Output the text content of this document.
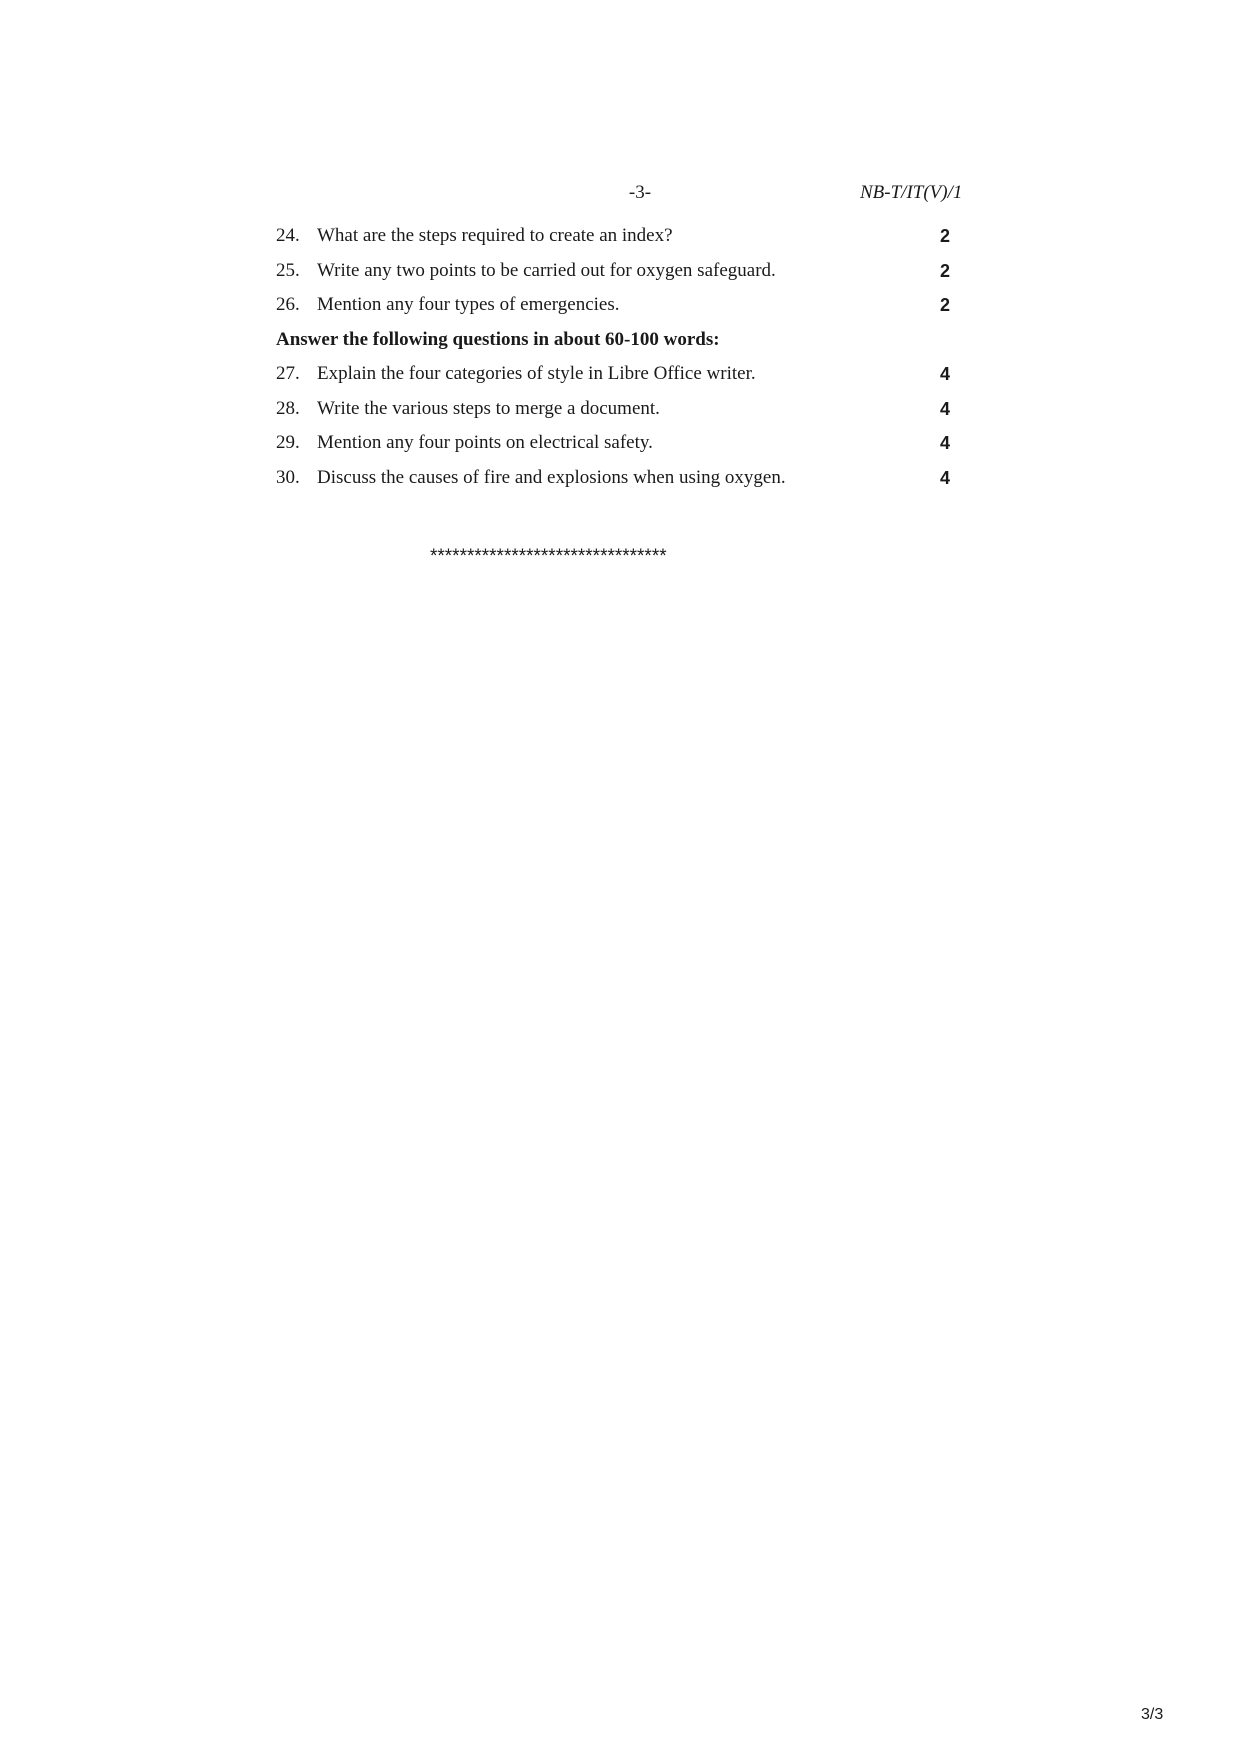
-3-	NB-T/IT(V)/1
24. What are the steps required to create an index?	2
25. Write any two points to be carried out for oxygen safeguard.	2
26. Mention any four types of emergencies.	2
Answer the following questions in about 60-100 words:
27. Explain the four categories of style in Libre Office writer.	4
28. Write the various steps to merge a document.	4
29. Mention any four points on electrical safety.	4
30. Discuss the causes of fire and explosions when using oxygen.	4
********************************
3/3
